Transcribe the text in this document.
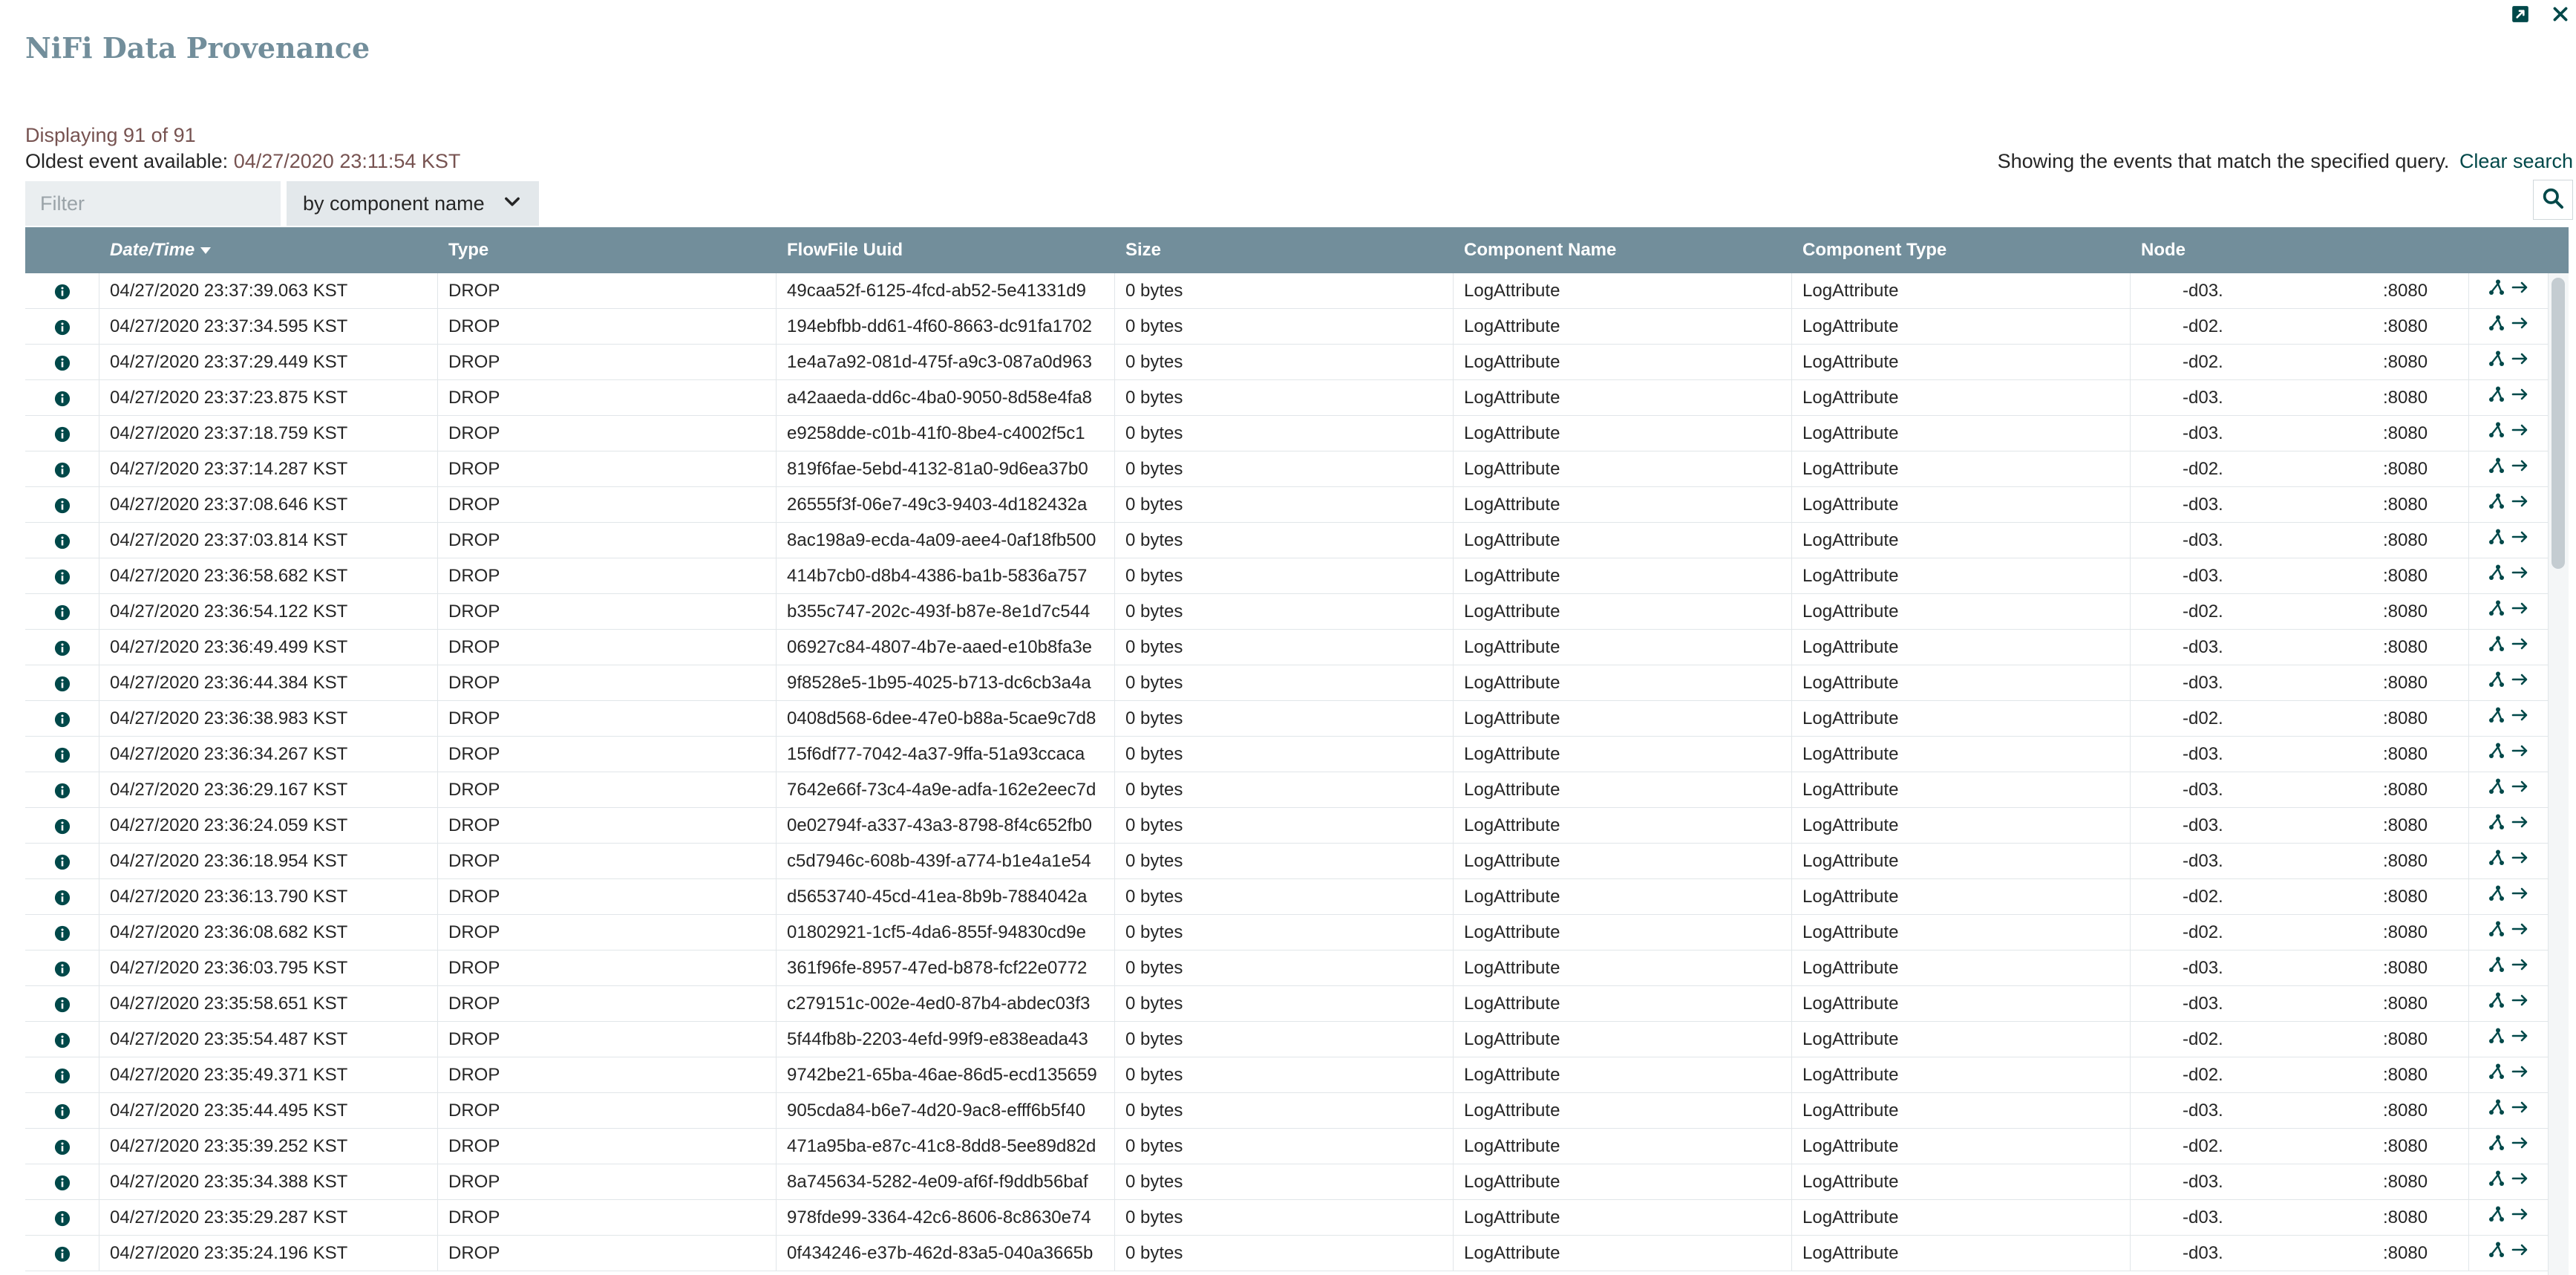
NiFi Data Provenance
Displaying 91 of 91
Oldest event available: 04/27/2020 23:11:54 KST	Showing the events that match the specified query. Clear search
Filter
by component name
Date/Time	Type	FlowFile Uuid	Size	Component Name	Component Type	Node
04/27/2020 23:37:39.063 KST	DROP	49caa52f-6125-4fcd-ab52-5e41331d9	0 bytes	LogAttribute	LogAttribute	-d03.	:8080
04/27/2020 23:37:34.595 KST	DROP	194ebfbb-dd61-4f60-8663-dc91fa1702	0 bytes	LogAttribute	LogAttribute	-d02.	:8080
04/27/2020 23:37:29.449 KST	DROP	1e4a7a92-081d-475f-a9c3-087a0d963	0 bytes	LogAttribute	LogAttribute	-d02.	:8080
04/27/2020 23:37:23.875 KST	DROP	a42aaeda-dd6c-4ba0-9050-8d58e4fa8	0 bytes	LogAttribute	LogAttribute	-d03.	:8080
04/27/2020 23:37:18.759 KST	DROP	e9258dde-c01b-41f0-8be4-c4002f5c1	0 bytes	LogAttribute	LogAttribute	-d03.	:8080
04/27/2020 23:37:14.287 KST	DROP	819f6fae-5ebd-4132-81a0-9d6ea37b0	0 bytes	LogAttribute	LogAttribute	-d02.	:8080
04/27/2020 23:37:08.646 KST	DROP	26555f3f-06e7-49c3-9403-4d182432a	0 bytes	LogAttribute	LogAttribute	-d03.	:8080
04/27/2020 23:37:03.814 KST	DROP	8ac198a9-ecda-4a09-aee4-0af18fb500	0 bytes	LogAttribute	LogAttribute	-d03.	:8080
04/27/2020 23:36:58.682 KST	DROP	414b7cb0-d8b4-4386-ba1b-5836a757	0 bytes	LogAttribute	LogAttribute	-d03.	:8080
04/27/2020 23:36:54.122 KST	DROP	b355c747-202c-493f-b87e-8e1d7c544	0 bytes	LogAttribute	LogAttribute	-d02.	:8080
04/27/2020 23:36:49.499 KST	DROP	06927c84-4807-4b7e-aaed-e10b8fa3e	0 bytes	LogAttribute	LogAttribute	-d03.	:8080
04/27/2020 23:36:44.384 KST	DROP	9f8528e5-1b95-4025-b713-dc6cb3a4a	0 bytes	LogAttribute	LogAttribute	-d03.	:8080
04/27/2020 23:36:38.983 KST	DROP	0408d568-6dee-47e0-b88a-5cae9c7d8	0 bytes	LogAttribute	LogAttribute	-d02.	:8080
04/27/2020 23:36:34.267 KST	DROP	15f6df77-7042-4a37-9ffa-51a93ccaca	0 bytes	LogAttribute	LogAttribute	-d03.	:8080
04/27/2020 23:36:29.167 KST	DROP	7642e66f-73c4-4a9e-adfa-162e2eec7d	0 bytes	LogAttribute	LogAttribute	-d03.	:8080
04/27/2020 23:36:24.059 KST	DROP	0e02794f-a337-43a3-8798-8f4c652fb0	0 bytes	LogAttribute	LogAttribute	-d03.	:8080
04/27/2020 23:36:18.954 KST	DROP	c5d7946c-608b-439f-a774-b1e4a1e54	0 bytes	LogAttribute	LogAttribute	-d03.	:8080
04/27/2020 23:36:13.790 KST	DROP	d5653740-45cd-41ea-8b9b-7884042a	0 bytes	LogAttribute	LogAttribute	-d02.	:8080
04/27/2020 23:36:08.682 KST	DROP	01802921-1cf5-4da6-855f-94830cd9e	0 bytes	LogAttribute	LogAttribute	-d02.	:8080
04/27/2020 23:36:03.795 KST	DROP	361f96fe-8957-47ed-b878-fcf22e0772	0 bytes	LogAttribute	LogAttribute	-d03.	:8080
04/27/2020 23:35:58.651 KST	DROP	c279151c-002e-4ed0-87b4-abdec03f3	0 bytes	LogAttribute	LogAttribute	-d03.	:8080
04/27/2020 23:35:54.487 KST	DROP	5f44fb8b-2203-4efd-99f9-e838eada43	0 bytes	LogAttribute	LogAttribute	-d02.	:8080
04/27/2020 23:35:49.371 KST	DROP	9742be21-65ba-46ae-86d5-ecd135659	0 bytes	LogAttribute	LogAttribute	-d02.	:8080
04/27/2020 23:35:44.495 KST	DROP	905cda84-b6e7-4d20-9ac8-efff6b5f40	0 bytes	LogAttribute	LogAttribute	-d03.	:8080
04/27/2020 23:35:39.252 KST	DROP	471a95ba-e87c-41c8-8dd8-5ee89d82d	0 bytes	LogAttribute	LogAttribute	-d02.	:8080
04/27/2020 23:35:34.388 KST	DROP	8a745634-5282-4e09-af6f-f9ddb56baf	0 bytes	LogAttribute	LogAttribute	-d03.	:8080
04/27/2020 23:35:29.287 KST	DROP	978fde99-3364-42c6-8606-8c8630e74	0 bytes	LogAttribute	LogAttribute	-d03.	:8080
04/27/2020 23:35:24.196 KST	DROP	0f434246-e37b-462d-83a5-040a3665b	0 bytes	LogAttribute	LogAttribute	-d03.	:8080
